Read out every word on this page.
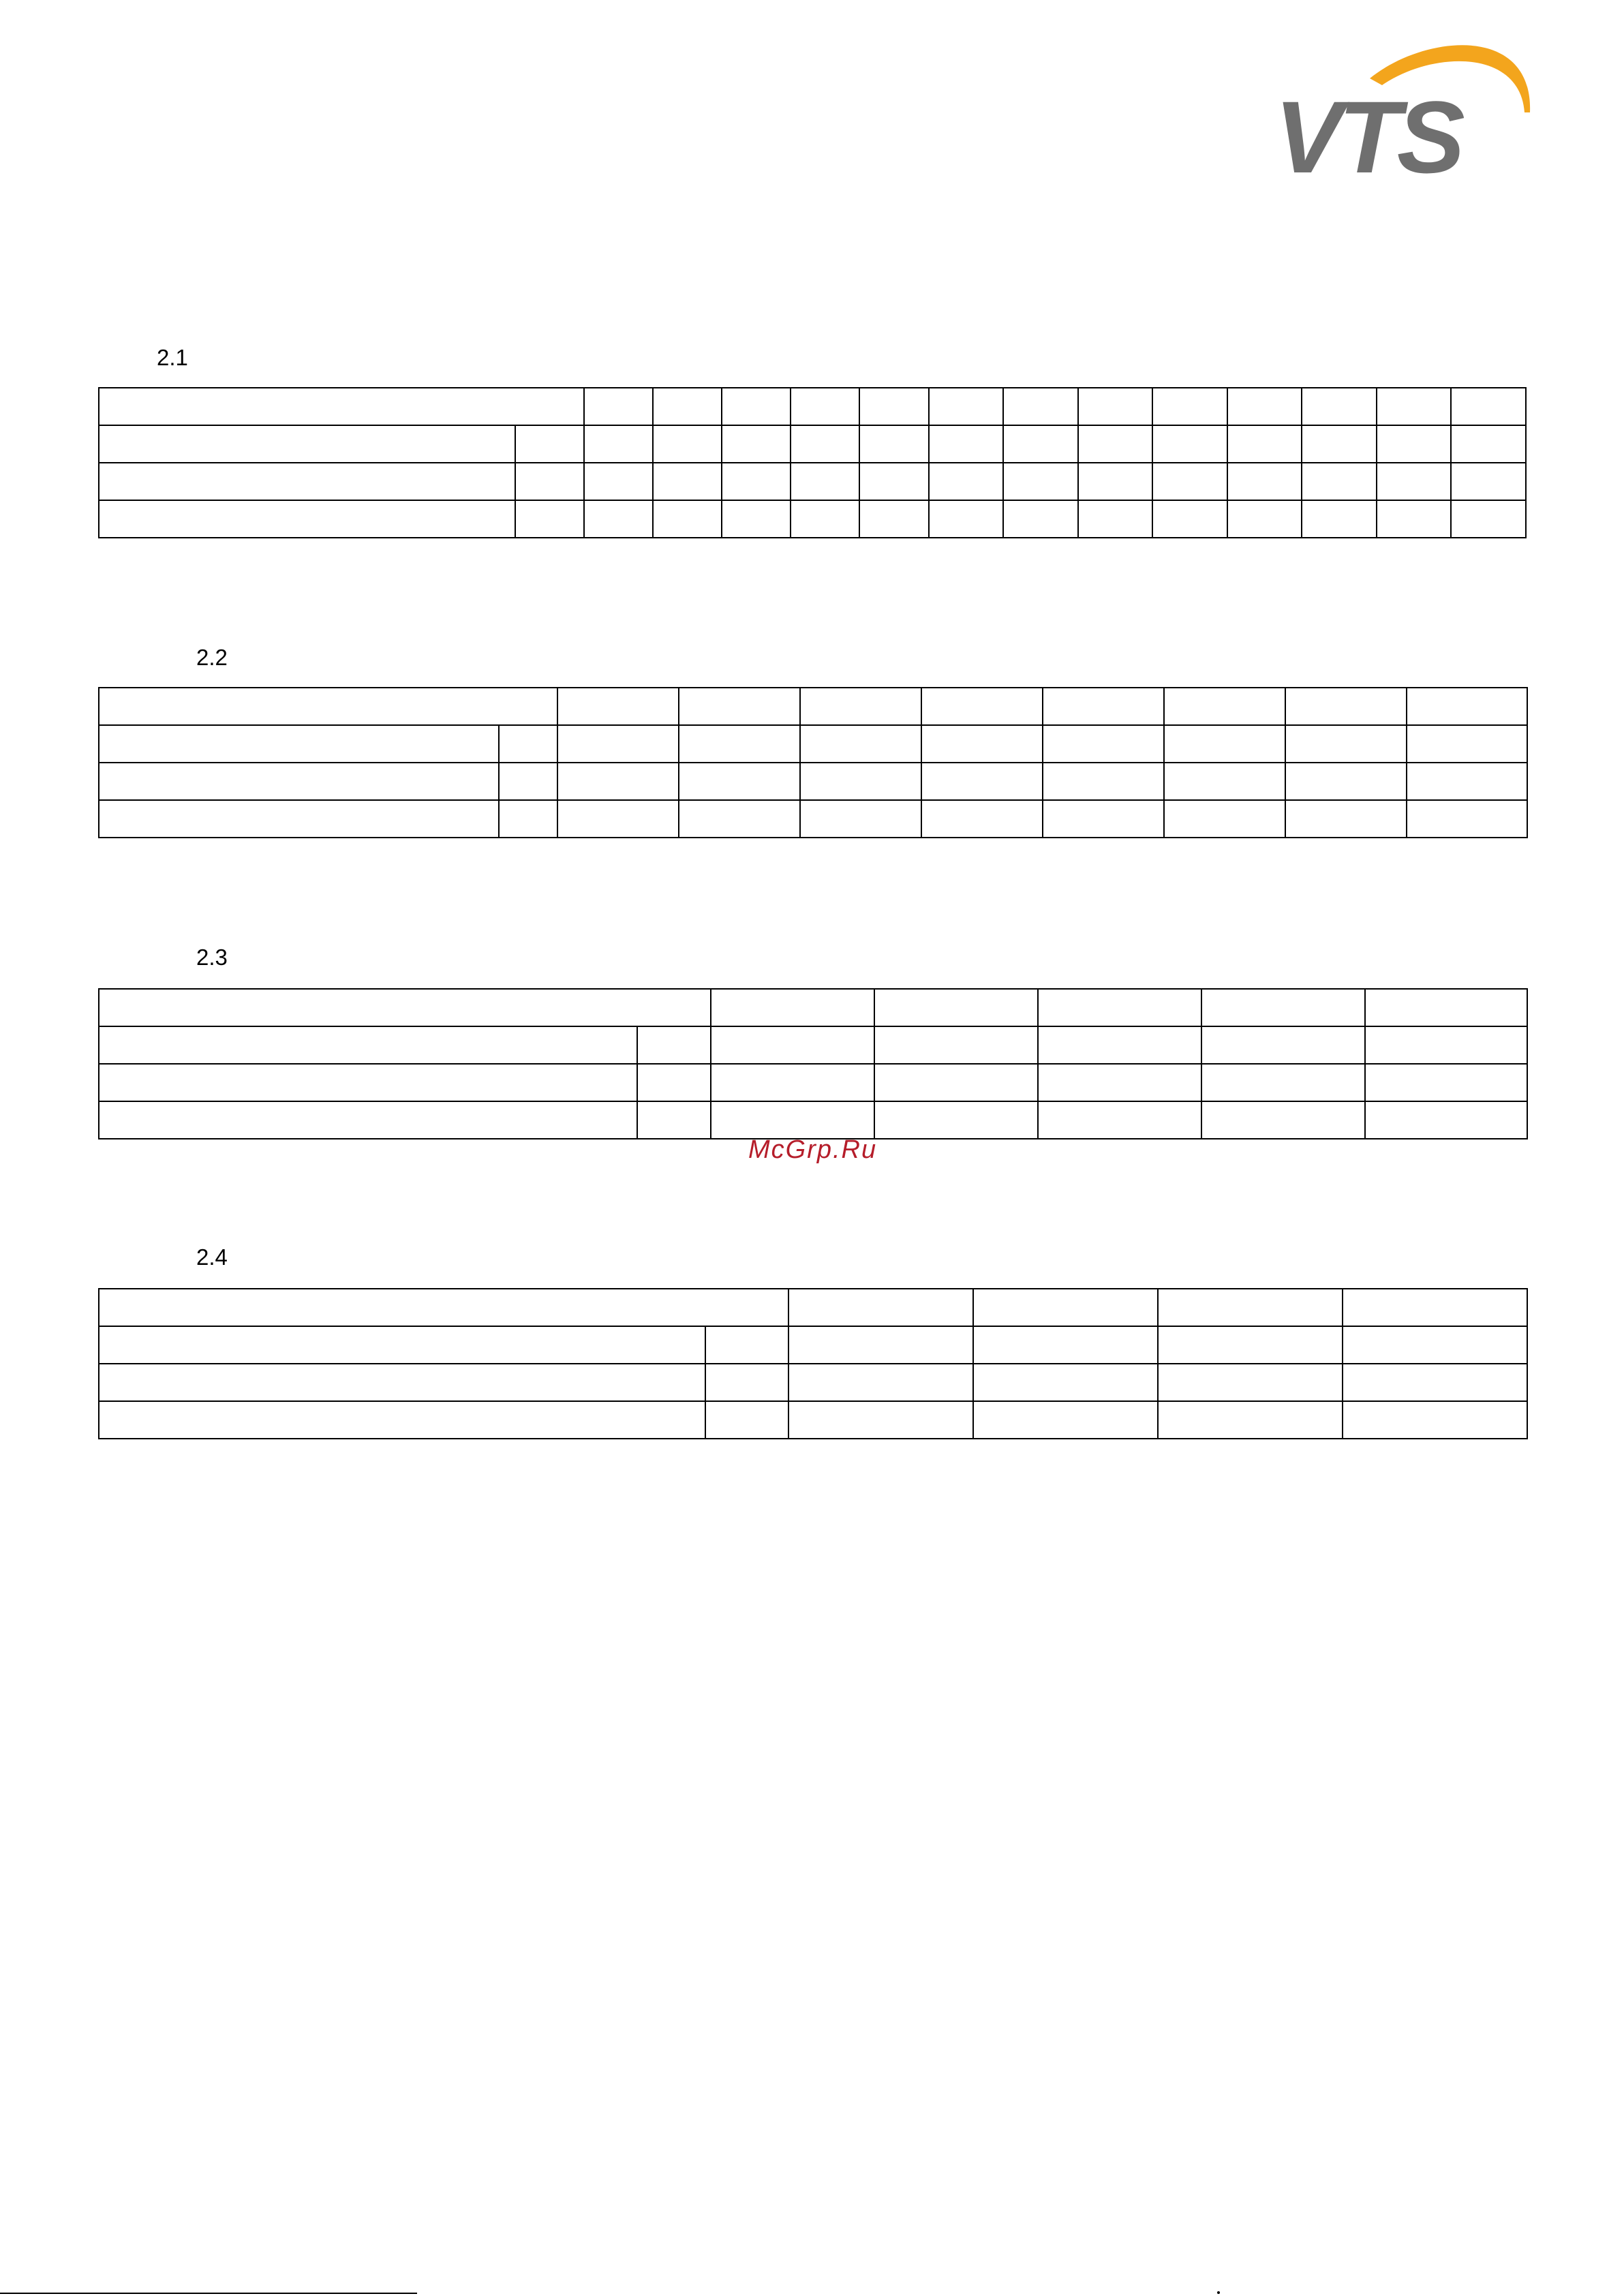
VTS
2.1

2.2

2.3

McGrp.Ru
2.4
